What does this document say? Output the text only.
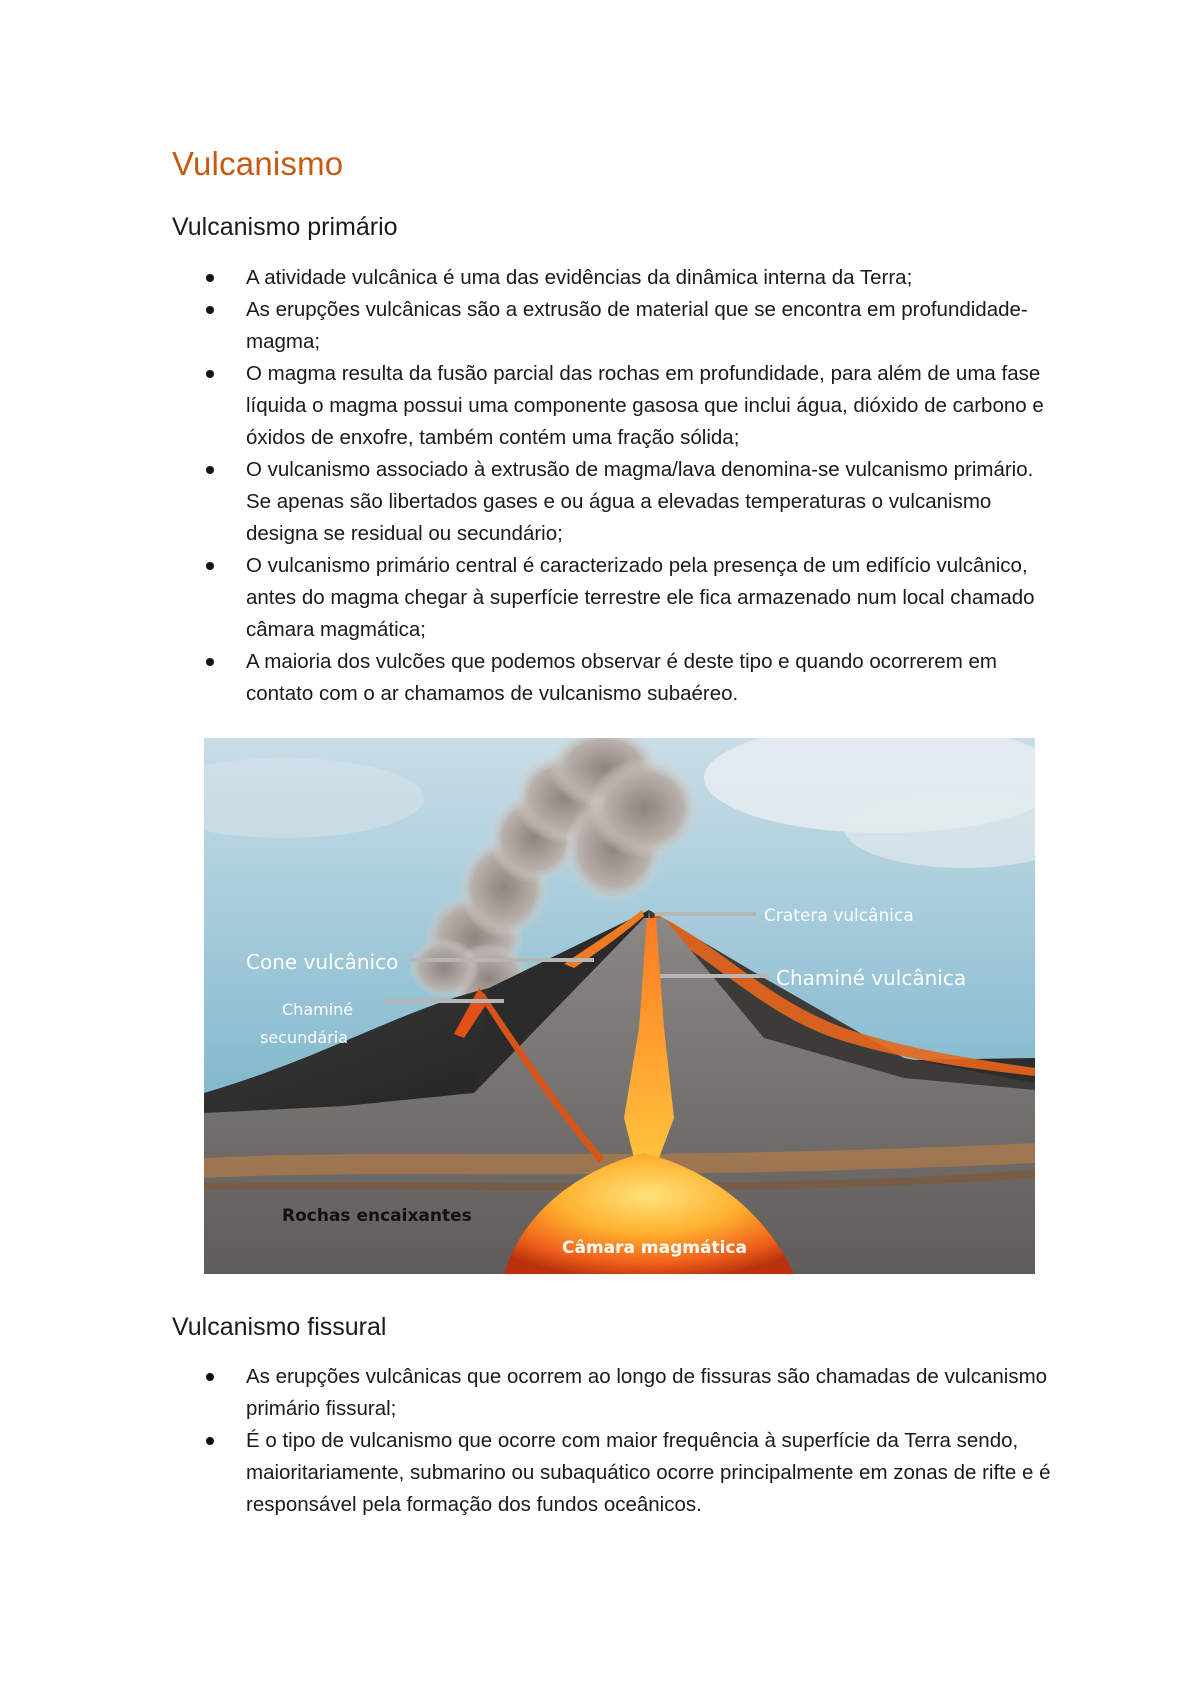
Vulcanismo
Vulcanismo primário
A atividade vulcânica é uma das evidências da dinâmica interna da Terra;
As erupções vulcânicas são a extrusão de material que se encontra em profundidade-magma;
O magma resulta da fusão parcial das rochas em profundidade, para além de uma fase líquida o magma possui uma componente gasosa que inclui água, dióxido de carbono e óxidos de enxofre, também contém uma fração sólida;
O vulcanismo associado à extrusão de magma/lava denomina-se vulcanismo primário. Se apenas são libertados gases e ou água a elevadas temperaturas o vulcanismo designa se residual ou secundário;
O vulcanismo primário central é caracterizado pela presença de um edifício vulcânico, antes do magma chegar à superfície terrestre ele fica armazenado num local chamado câmara magmática;
A maioria dos vulcões que podemos observar é deste tipo e quando ocorrerem em contato com o ar chamamos de vulcanismo subaéreo.
Cratera vulcânica
Cone vulcânico
Chaminé vulcânica
Chaminé
secundária
Rochas encaixantes
Câmara magmática
Vulcanismo fissural
As erupções vulcânicas que ocorrem ao longo de fissuras são chamadas de vulcanismo primário fissural;
É o tipo de vulcanismo que ocorre com maior frequência à superfície da Terra sendo, maioritariamente, submarino ou subaquático ocorre principalmente em zonas de rifte e é responsável pela formação dos fundos oceânicos.
